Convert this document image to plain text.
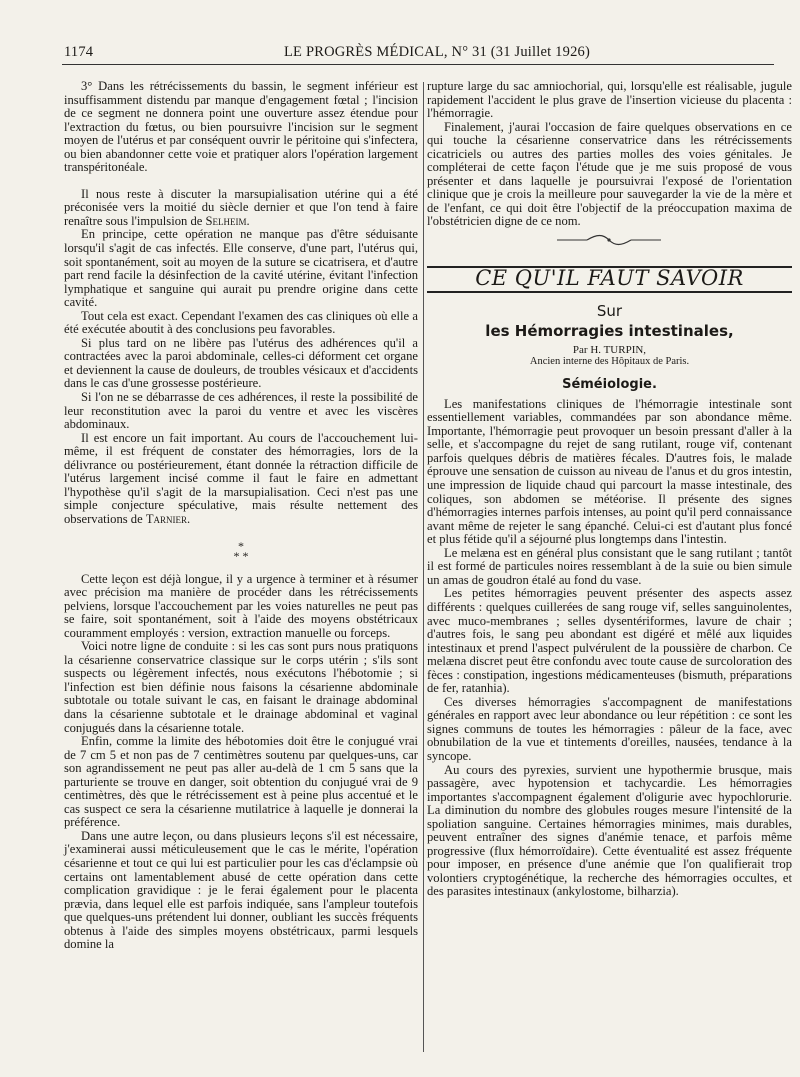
1174	LE PROGRÈS MÉDICAL, N° 31 (31 Juillet 1926)

3° Dans les rétrécissements du bassin, le segment inférieur est insuffisamment distendu par manque d'engagement fœtal ; l'incision de ce segment ne donnera point une ouverture assez étendue pour l'extraction du fœtus, ou bien poursuivre l'incision sur le segment moyen de l'utérus et par conséquent ouvrir le péritoine qui s'infectera, ou bien abandonner cette voie et pratiquer alors l'opération largement transpéritonéale.

Il nous reste à discuter la marsupialisation utérine qui a été préconisée vers la moitié du siècle dernier et que l'on tend à faire renaître sous l'impulsion de Selheim.

En principe, cette opération ne manque pas d'être séduisante lorsqu'il s'agit de cas infectés. Elle conserve, d'une part, l'utérus qui, soit spontanément, soit au moyen de la suture se cicatrisera, et d'autre part rend facile la désinfection de la cavité utérine, évitant l'infection lymphatique et sanguine qui aurait pu prendre origine dans cette cavité.

Tout cela est exact. Cependant l'examen des cas cliniques où elle a été exécutée aboutit à des conclusions peu favorables.

Si plus tard on ne libère pas l'utérus des adhérences qu'il a contractées avec la paroi abdominale, celles-ci déforment cet organe et deviennent la cause de douleurs, de troubles vésicaux et d'accidents dans le cas d'une grossesse postérieure.

Si l'on ne se débarrasse de ces adhérences, il reste la possibilité de leur reconstitution avec la paroi du ventre et avec les viscères abdominaux.

Il est encore un fait important. Au cours de l'accouchement lui-même, il est fréquent de constater des hémorragies, lors de la délivrance ou postérieurement, étant donnée la rétraction difficile de l'utérus largement incisé comme il faut le faire en admettant l'hypothèse qu'il s'agit de la marsupialisation. Ceci n'est pas une simple conjecture spéculative, mais résulte nettement des observations de Tarnier.

*
* *

Cette leçon est déjà longue, il y a urgence à terminer et à résumer avec précision ma manière de procéder dans les rétrécissements pelviens, lorsque l'accouchement par les voies naturelles ne peut pas se faire, soit spontanément, soit à l'aide des moyens obstétricaux couramment employés : version, extraction manuelle ou forceps.

Voici notre ligne de conduite : si les cas sont purs nous pratiquons la césarienne conservatrice classique sur le corps utérin ; s'ils sont suspects ou légèrement infectés, nous exécutons l'hébotomie ; si l'infection est bien définie nous faisons la césarienne abdominale subtotale ou totale suivant le cas, en faisant le drainage abdominal dans la césarienne subtotale et le drainage abdominal et vaginal conjugués dans la césarienne totale.

Enfin, comme la limite des hébotomies doit être le conjugué vrai de 7 cm 5 et non pas de 7 centimètres soutenu par quelques-uns, car son agrandissement ne peut pas aller au-delà de 1 cm 5 sans que la parturiente se trouve en danger, soit obtention du conjugué vrai de 9 centimètres, dès que le rétrécissement est à peine plus accentué et le cas suspect ce sera la césarienne mutilatrice à laquelle je donnerai la préférence.

Dans une autre leçon, ou dans plusieurs leçons s'il est nécessaire, j'examinerai aussi méticuleusement que le cas le mérite, l'opération césarienne et tout ce qui lui est particulier pour les cas d'éclampsie où certains ont lamentablement abusé de cette opération dans cette complication gravidique : je le ferai également pour le placenta prævia, dans lequel elle est parfois indiquée, sans l'ampleur toutefois que quelques-uns prétendent lui donner, oubliant les succès fréquents obtenus à l'aide des simples moyens obstétricaux, parmi lesquels domine la

rupture large du sac amniochorial, qui, lorsqu'elle est réalisable, jugule rapidement l'accident le plus grave de l'insertion vicieuse du placenta : l'hémorragie.

Finalement, j'aurai l'occasion de faire quelques observations en ce qui touche la césarienne conservatrice dans les rétrécissements cicatriciels ou autres des parties molles des voies génitales. Je compléterai de cette façon l'étude que je me suis proposé de vous présenter et dans laquelle je poursuivrai l'exposé de l'orientation clinique que je crois la meilleure pour sauvegarder la vie de la mère et de l'enfant, ce qui doit être l'objectif de la préoccupation maxima de l'obstétricien digne de ce nom.

CE QU'IL FAUT SAVOIR
Sur
les Hémorragies intestinales,
Par H. TURPIN,
Ancien interne des Hôpitaux de Paris.
Séméiologie.

Les manifestations cliniques de l'hémorragie intestinale sont essentiellement variables, commandées par son abondance même. Importante, l'hémorragie peut provoquer un besoin pressant d'aller à la selle, et s'accompagne du rejet de sang rutilant, rouge vif, contenant parfois quelques débris de matières fécales. D'autres fois, le malade éprouve une sensation de cuisson au niveau de l'anus et du gros intestin, une impression de liquide chaud qui parcourt la masse intestinale, des coliques, son abdomen se météorise. Il présente des signes d'hémorragies internes parfois intenses, au point qu'il perd connaissance avant même de rejeter le sang épanché. Celui-ci est d'autant plus foncé et plus fétide qu'il a séjourné plus longtemps dans l'intestin.

Le melæna est en général plus consistant que le sang rutilant ; tantôt il est formé de particules noires ressemblant à de la suie ou bien simule un amas de goudron étalé au fond du vase.

Les petites hémorragies peuvent présenter des aspects assez différents : quelques cuillerées de sang rouge vif, selles sanguinolentes, avec muco-membranes ; selles dysentériformes, lavure de chair ; d'autres fois, le sang peu abondant est digéré et mêlé aux liquides intestinaux et prend l'aspect pulvérulent de la poussière de charbon. Ce melæna discret peut être confondu avec toute cause de surcoloration des fèces : constipation, ingestions médicamenteuses (bismuth, préparations de fer, ratanhia).

Ces diverses hémorragies s'accompagnent de manifestations générales en rapport avec leur abondance ou leur répétition : ce sont les signes communs de toutes les hémorragies : pâleur de la face, avec obnubilation de la vue et tintements d'oreilles, nausées, tendance à la syncope.

Au cours des pyrexies, survient une hypothermie brusque, mais passagère, avec hypotension et tachycardie. Les hémorragies importantes s'accompagnent également d'oligurie avec hypochlorurie. La diminution du nombre des globules rouges mesure l'intensité de la spoliation sanguine. Certaines hémorragies minimes, mais durables, peuvent entraîner des signes d'anémie tenace, et parfois même progressive (flux hémorroïdaire). Cette éventualité est assez fréquente pour imposer, en présence d'une anémie que l'on qualifierait trop volontiers cryptogénétique, la recherche des hémorragies occultes, et des parasites intestinaux (ankylostome, bilharzia).
